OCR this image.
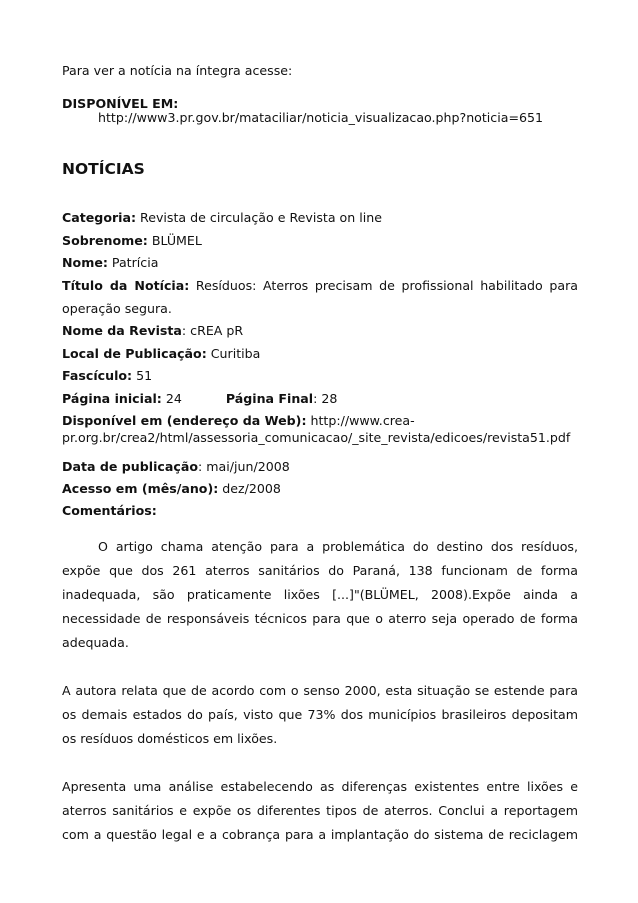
Para ver a notícia na íntegra acesse:
DISPONÍVEL EM:
http://www3.pr.gov.br/mataciliar/noticia_visualizacao.php?noticia=651
NOTÍCIAS
Categoria: Revista de circulação e Revista on line
Sobrenome: BLÜMEL
Nome: Patrícia
Título da Notícia: Resíduos: Aterros precisam de profissional habilitado para
operação segura.
Nome da Revista: cREA pR
Local de Publicação: Curitiba
Fascículo: 51
Página inicial: 24	Página Final: 28
Disponível em (endereço da Web): http://www.crea-
pr.org.br/crea2/html/assessoria_comunicacao/_site_revista/edicoes/revista51.pdf
Data de publicação: mai/jun/2008
Acesso em (mês/ano): dez/2008
Comentários:
O artigo chama atenção para a problemática do destino dos resíduos,
expõe que dos 261 aterros sanitários do Paraná, 138 funcionam de forma
inadequada, são praticamente lixões [...]"(BLÜMEL, 2008).Expõe ainda a
necessidade de responsáveis técnicos para que o aterro seja operado de forma
adequada.
A autora relata que de acordo com o senso 2000, esta situação se estende para
os demais estados do país, visto que 73% dos municípios brasileiros depositam
os resíduos domésticos em lixões.
Apresenta uma análise estabelecendo as diferenças existentes entre lixões e
aterros sanitários e expõe os diferentes tipos de aterros. Conclui a reportagem
com a questão legal e a cobrança para a implantação do sistema de reciclagem
